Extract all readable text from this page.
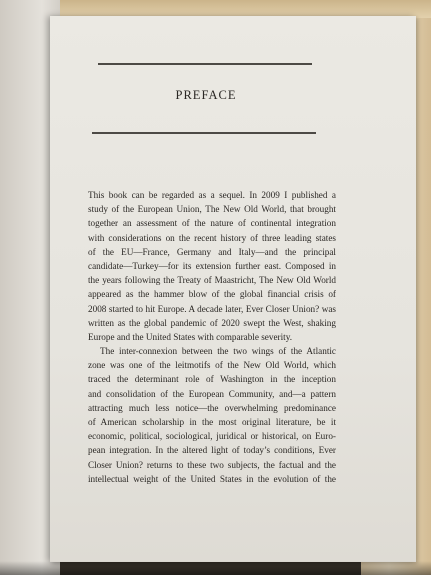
PREFACE
This book can be regarded as a sequel. In 2009 I published a
study of the European Union, The New Old World, that brought
together an assessment of the nature of continental integration
with considerations on the recent history of three leading states
of the EU—France, Germany and Italy—and the principal
candidate—Turkey—for its extension further east. Composed in
the years following the Treaty of Maastricht, The New Old World
appeared as the hammer blow of the global financial crisis of
2008 started to hit Europe. A decade later, Ever Closer Union? was
written as the global pandemic of 2020 swept the West, shaking
Europe and the United States with comparable severity.
The inter-connexion between the two wings of the Atlantic
zone was one of the leitmotifs of the New Old World, which
traced the determinant role of Washington in the inception
and consolidation of the European Community, and—a pattern
attracting much less notice—the overwhelming predominance
of American scholarship in the most original literature, be it
economic, political, sociological, juridical or historical, on Euro-
pean integration. In the altered light of today’s conditions, Ever
Closer Union? returns to these two subjects, the factual and the
intellectual weight of the United States in the evolution of the
